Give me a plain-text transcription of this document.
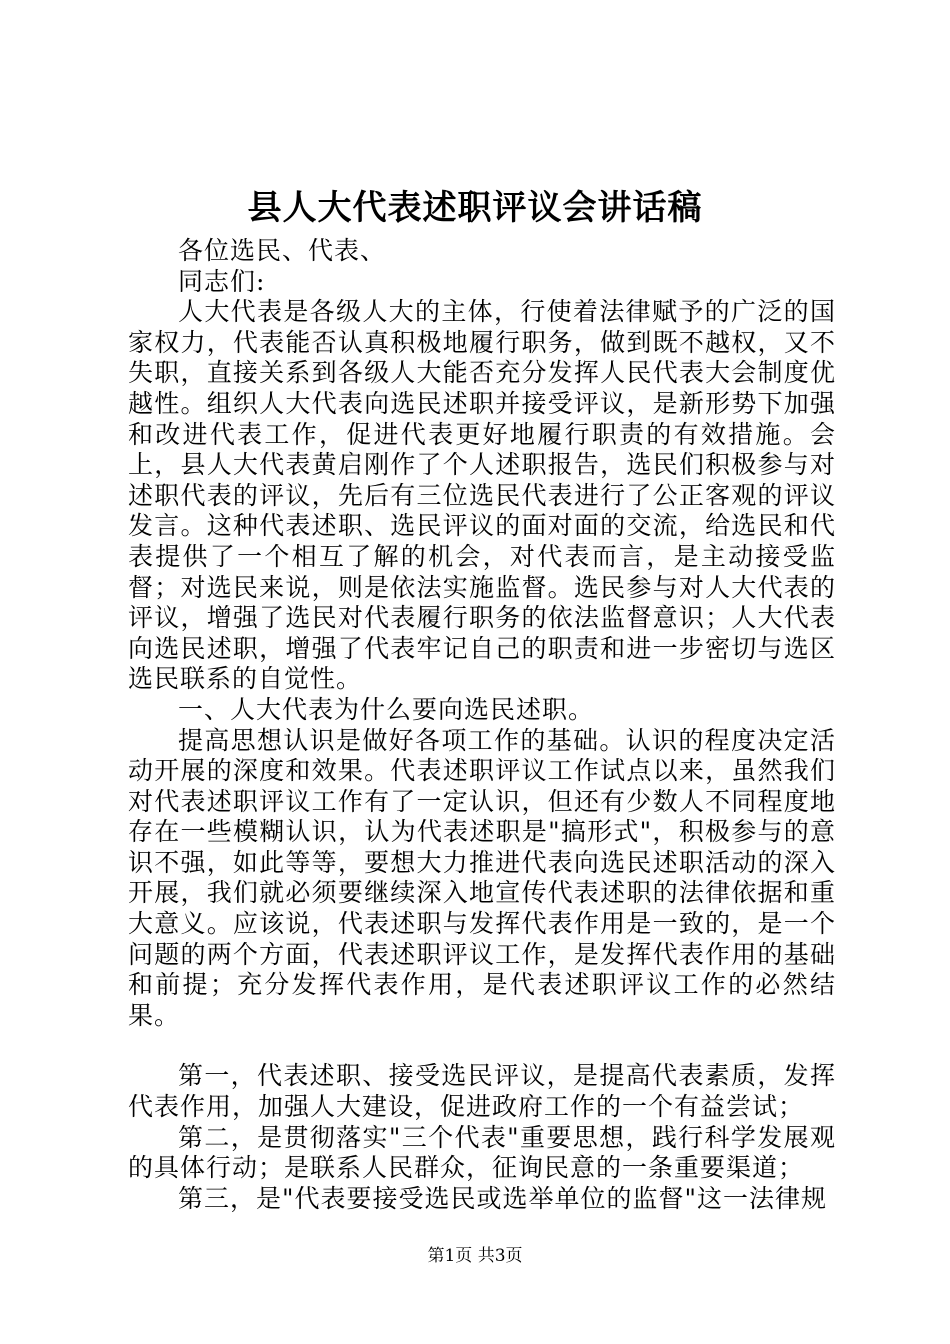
县人大代表述职评议会讲话稿

各位选民、代表、

同志们:

人大代表是各级人大的主体，行使着法律赋予的广泛的国家权力，代表能否认真积极地履行职务，做到既不越权，又不失职，直接关系到各级人大能否充分发挥人民代表大会制度优越性。组织人大代表向选民述职并接受评议，是新形势下加强和改进代表工作，促进代表更好地履行职责的有效措施。会上，县人大代表黄启刚作了个人述职报告，选民们积极参与对述职代表的评议，先后有三位选民代表进行了公正客观的评议发言。这种代表述职、选民评议的面对面的交流，给选民和代表提供了一个相互了解的机会，对代表而言，是主动接受监督；对选民来说，则是依法实施监督。选民参与对人大代表的评议，增强了选民对代表履行职务的依法监督意识；人大代表向选民述职，增强了代表牢记自己的职责和进一步密切与选区选民联系的自觉性。

一、人大代表为什么要向选民述职。

提高思想认识是做好各项工作的基础。认识的程度决定活动开展的深度和效果。代表述职评议工作试点以来，虽然我们对代表述职评议工作有了一定认识，但还有少数人不同程度地存在一些模糊认识，认为代表述职是"搞形式"，积极参与的意识不强，如此等等，要想大力推进代表向选民述职活动的深入开展，我们就必须要继续深入地宣传代表述职的法律依据和重大意义。应该说，代表述职与发挥代表作用是一致的，是一个问题的两个方面，代表述职评议工作，是发挥代表作用的基础和前提；充分发挥代表作用，是代表述职评议工作的必然结果。

第一，代表述职、接受选民评议，是提高代表素质，发挥代表作用，加强人大建设，促进政府工作的一个有益尝试；

第二，是贯彻落实"三个代表"重要思想，践行科学发展观的具体行动；是联系人民群众，征询民意的一条重要渠道；

第三，是"代表要接受选民或选举单位的监督"这一法律规

第1页 共3页
